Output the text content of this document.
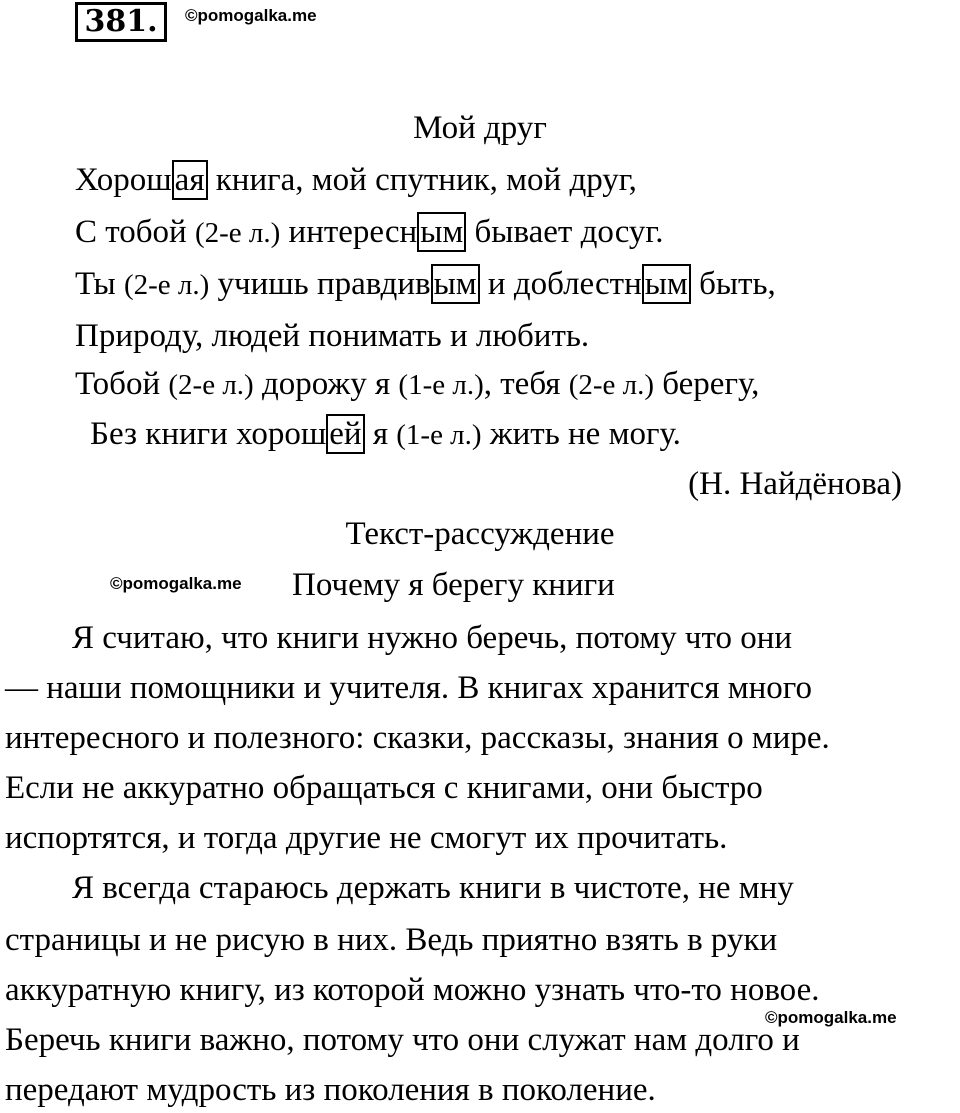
381.	©pomogalka.me
Мой друг
Хорошая книга, мой спутник, мой друг,
С тобой (2-е л.) интересным бывает досуг.
Ты (2-е л.) учишь правдивым и доблестным быть,
Природу, людей понимать и любить.
Тобой (2-е л.) дорожу я (1-е л.), тебя (2-е л.) берегу,
Без книги хорошей я (1-е л.) жить не могу.
(Н. Найдёнова)
Текст-рассуждение
©pomogalka.me Почему я берегу книги
Я считаю, что книги нужно беречь, потому что они
— наши помощники и учителя. В книгах хранится много
интересного и полезного: сказки, рассказы, знания о мире.
Если не аккуратно обращаться с книгами, они быстро
испортятся, и тогда другие не смогут их прочитать.
Я всегда стараюсь держать книги в чистоте, не мну
страницы и не рисую в них. Ведь приятно взять в руки
аккуратную книгу, из которой можно узнать что-то новое.
©pomogalka.me
Беречь книги важно, потому что они служат нам долго и
передают мудрость из поколения в поколение.
